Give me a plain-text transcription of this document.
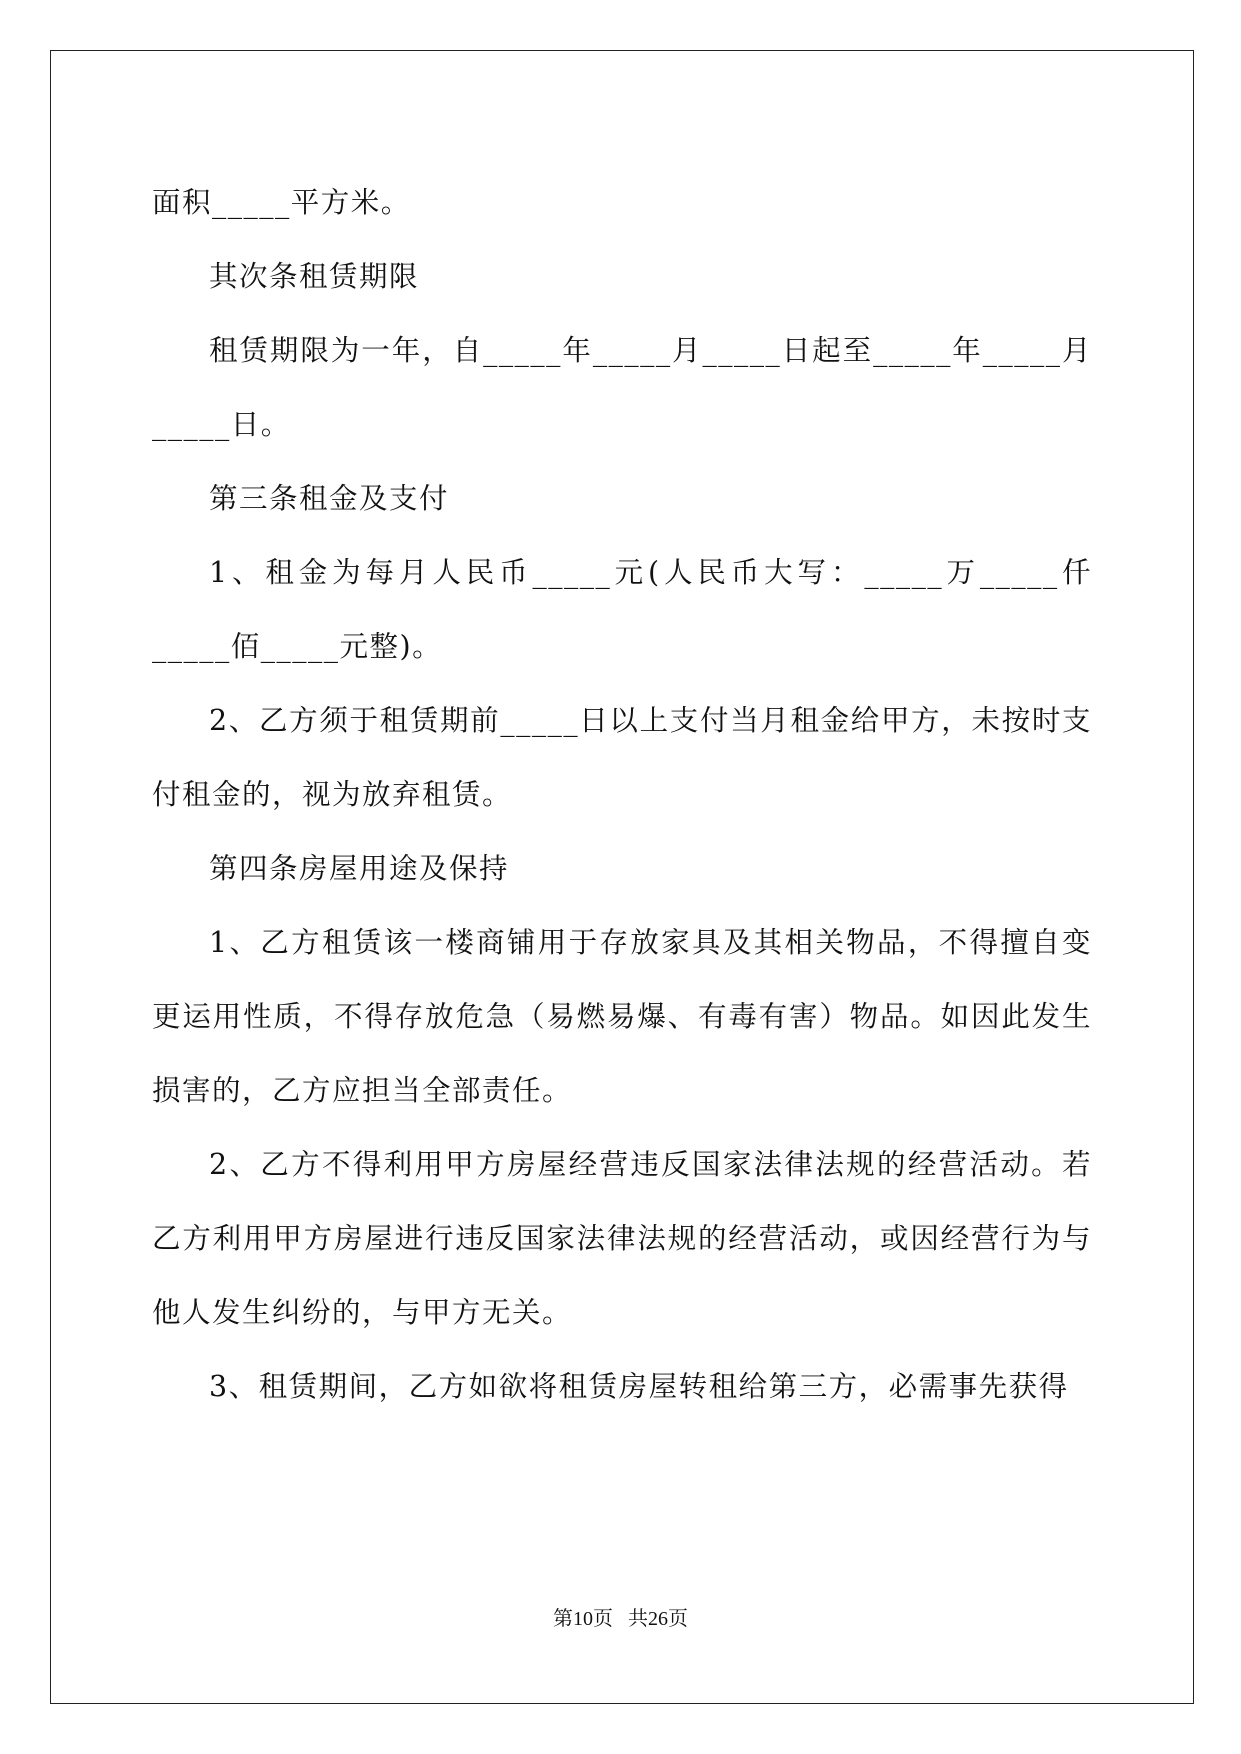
面积_____平方米。

其次条租赁期限

租赁期限为一年，自_____年_____月_____日起至_____年_____月_____日。

第三条租金及支付

1、租金为每月人民币_____元(人民币大写：_____万_____仟_____佰_____元整)。

2、乙方须于租赁期前_____日以上支付当月租金给甲方，未按时支付租金的，视为放弃租赁。

第四条房屋用途及保持

1、乙方租赁该一楼商铺用于存放家具及其相关物品，不得擅自变更运用性质，不得存放危急（易燃易爆、有毒有害）物品。如因此发生损害的，乙方应担当全部责任。

2、乙方不得利用甲方房屋经营违反国家法律法规的经营活动。若乙方利用甲方房屋进行违反国家法律法规的经营活动，或因经营行为与他人发生纠纷的，与甲方无关。

3、租赁期间，乙方如欲将租赁房屋转租给第三方，必需事先获得

第10页   共26页
